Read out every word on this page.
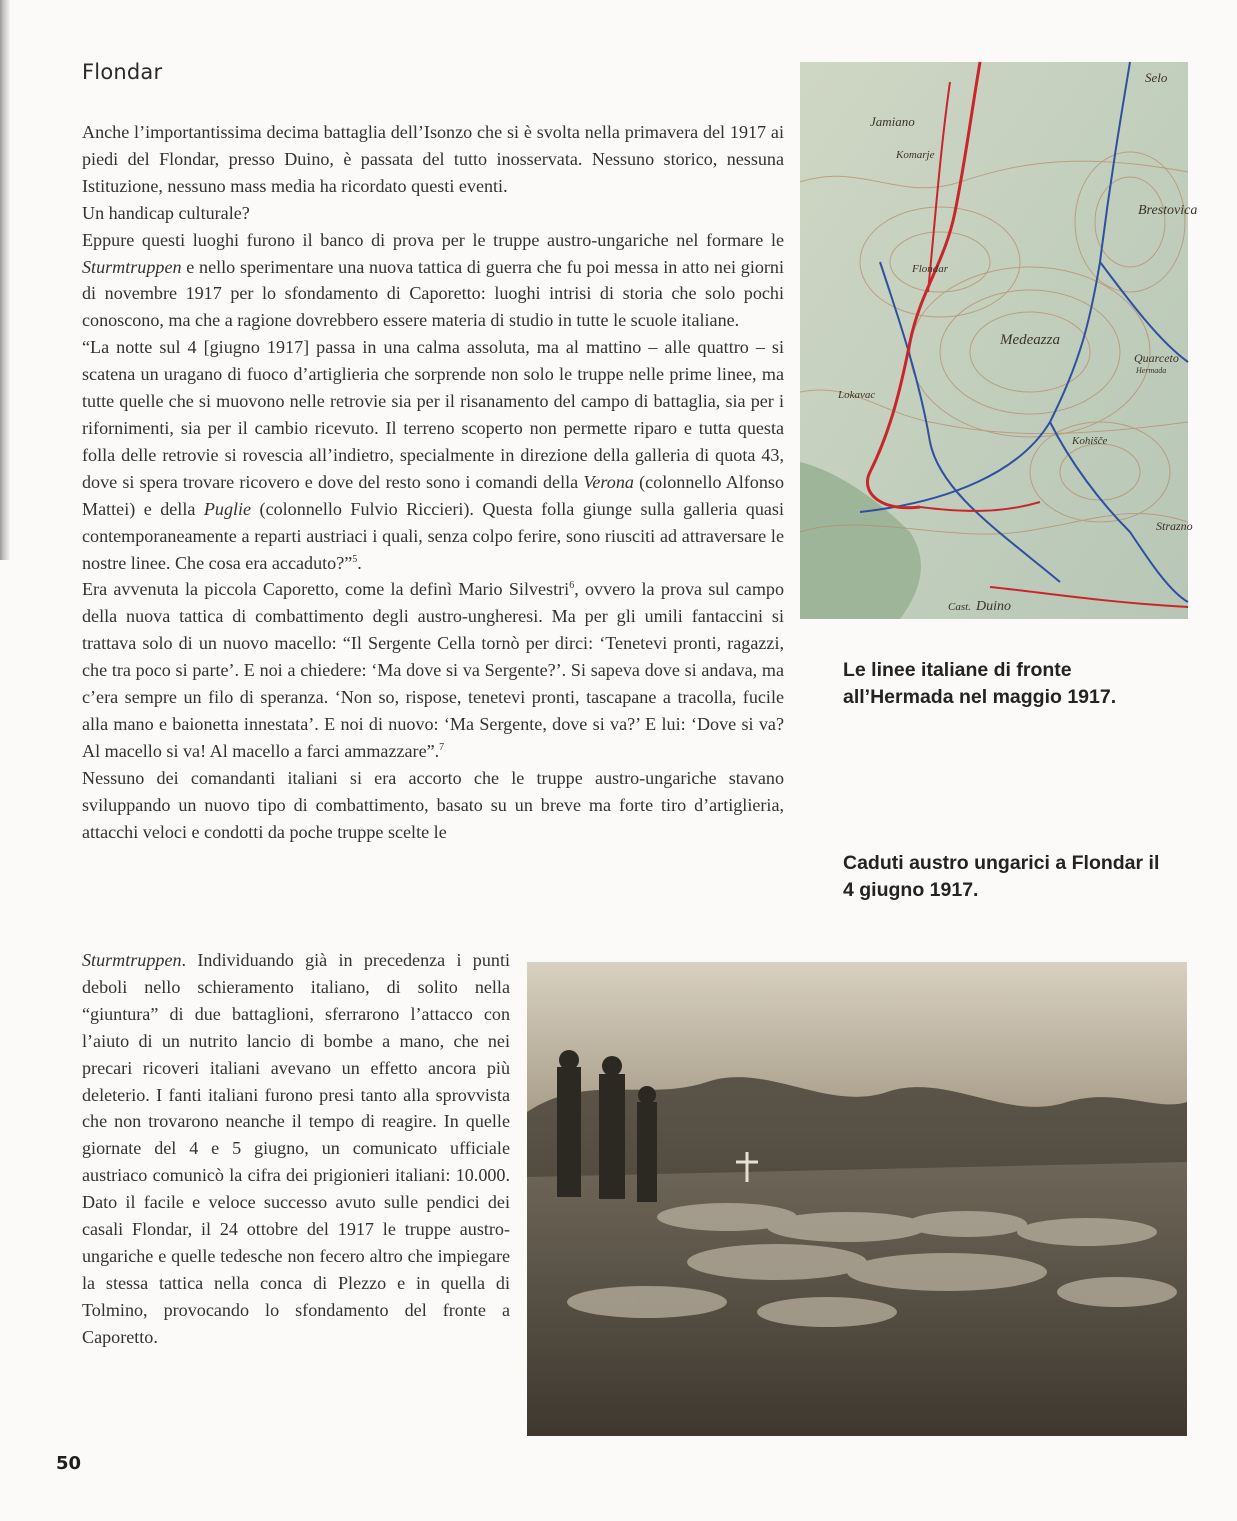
Flondar

Anche l’importantissima decima battaglia dell’Isonzo che si è svolta nella primavera del 1917 ai piedi del Flondar, presso Duino, è passata del tutto inosservata. Nessuno storico, nessuna Istituzione, nessuno mass media ha ricordato questi eventi.

Un handicap culturale?

Eppure questi luoghi furono il banco di prova per le truppe austro-ungariche nel formare le Sturmtruppen e nello sperimentare una nuova tattica di guerra che fu poi messa in atto nei giorni di novembre 1917 per lo sfondamento di Caporetto: luoghi intrisi di storia che solo pochi conoscono, ma che a ragione dovrebbero essere materia di studio in tutte le scuole italiane.

“La notte sul 4 [giugno 1917] passa in una calma assoluta, ma al mattino – alle quattro – si scatena un uragano di fuoco d’artiglieria che sorprende non solo le truppe nelle prime linee, ma tutte quelle che si muovono nelle retrovie sia per il risanamento del campo di battaglia, sia per i rifornimenti, sia per il cambio ricevuto. Il terreno scoperto non permette riparo e tutta questa folla delle retrovie si rovescia all’indietro, specialmente in direzione della galleria di quota 43, dove si spera trovare ricovero e dove del resto sono i comandi della Verona (colonnello Alfonso Mattei) e della Puglie (colonnello Fulvio Riccieri). Questa folla giunge sulla galleria quasi contemporaneamente a reparti austriaci i quali, senza colpo ferire, sono riusciti ad attraversare le nostre linee. Che cosa era accaduto?”$^5$.

Era avvenuta la piccola Caporetto, come la definì Mario Silvestri$^6$, ovvero la prova sul campo della nuova tattica di combattimento degli austro-ungheresi. Ma per gli umili fantaccini si trattava solo di un nuovo macello: “Il Sergente Cella tornò per dirci: ‘Tenetevi pronti, ragazzi, che tra poco si parte’. E noi a chiedere: ‘Ma dove si va Sergente?’. Si sapeva dove si andava, ma c’era sempre un filo di speranza. ‘Non so, rispose, tenetevi pronti, tascapane a tracolla, fucile alla mano e baionetta innestata’. E noi di nuovo: ‘Ma Sergente, dove si va?’ E lui: ‘Dove si va? Al macello si va! Al macello a farci ammazzare”.$^7$

Nessuno dei comandanti italiani si era accorto che le truppe austro-ungariche stavano sviluppando un nuovo tipo di combattimento, basato su un breve ma forte tiro d’artiglieria, attacchi veloci e condotti da poche truppe scelte le

Sturmtruppen. Individuando già in precedenza i punti deboli nello schieramento italiano, di solito nella “giuntura” di due battaglioni, sferrarono l’attacco con l’aiuto di un nutrito lancio di bombe a mano, che nei precari ricoveri italiani avevano un effetto ancora più deleterio. I fanti italiani furono presi tanto alla sprovvista che non trovarono neanche il tempo di reagire. In quelle giornate del 4 e 5 giugno, un comunicato ufficiale austriaco comunicò la cifra dei prigionieri italiani: 10.000. Dato il facile e veloce successo avuto sulle pendici dei casali Flondar, il 24 ottobre del 1917 le truppe austro-ungariche e quelle tedesche non fecero altro che impiegare la stessa tattica nella conca di Plezzo e in quella di Tolmino, provocando lo sfondamento del fronte a Caporetto.

Selo
Jamiano
Komarje
Brestovica
Flondar
Medeazza
Quarceto
Hermada
Lokavac
Kohišče
Strazno
Cast. Duino
Le linee italiane di fronte all’Hermada nel maggio 1917.
Caduti austro ungarici a Flondar il 4 giugno 1917.
50
